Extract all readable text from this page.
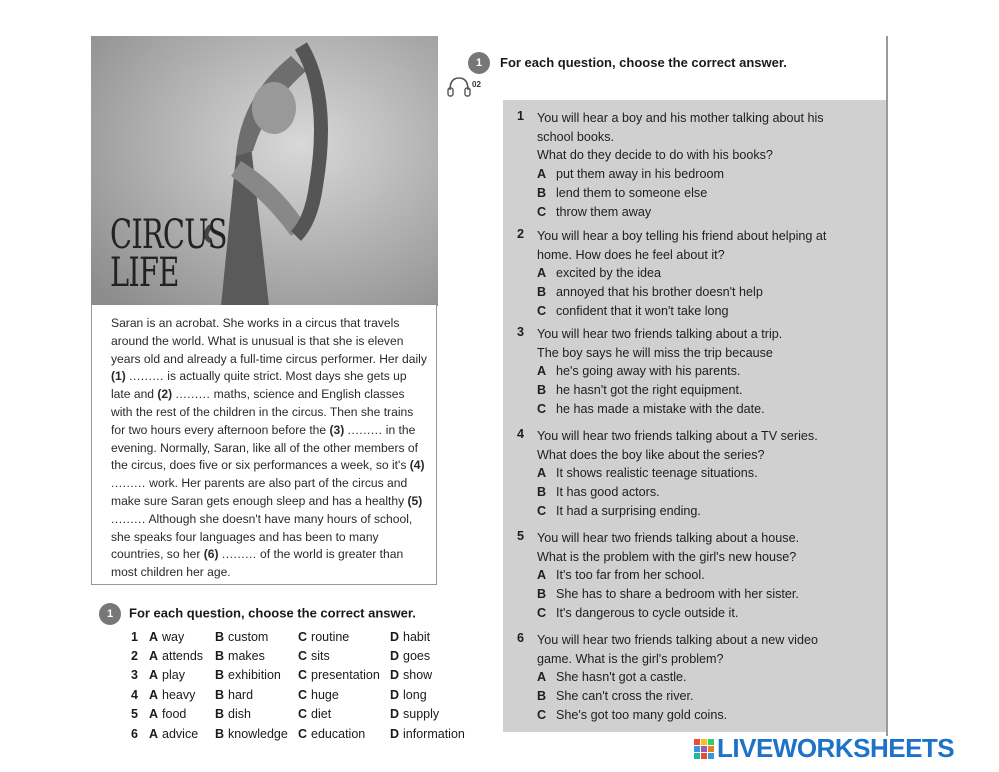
CIRCUS
LIFE

Saran is an acrobat. She works in a circus that travels around the world. What is unusual is that she is eleven years old and already a full-time circus performer. Her daily (1) ......... is actually quite strict. Most days she gets up late and (2) ......... maths, science and English classes with the rest of the children in the circus. Then she trains for two hours every afternoon before the (3) ......... in the evening. Normally, Saran, like all of the other members of the circus, does five or six performances a week, so it's (4) ......... work. Her parents are also part of the circus and make sure Saran gets enough sleep and has a healthy (5) ......... Although she doesn't have many hours of school, she speaks four languages and has been to many countries, so her (6) ......... of the world is greater than most children her age.

1 For each question, choose the correct answer.
1	A way	B custom	C routine	D habit
2	A attends	B makes	C sits	D goes
3	A play	B exhibition	C presentation	D show
4	A heavy	B hard	C huge	D long
5	A food	B dish	C diet	D supply
6	A advice	B knowledge	C education	D information
1	For each question, choose the correct answer.
02
1 You will hear a boy and his mother talking about his
school books.
What do they decide to do with his books?
A put them away in his bedroom
B lend them to someone else
C throw them away
2 You will hear a boy telling his friend about helping at
home. How does he feel about it?
A excited by the idea
B annoyed that his brother doesn't help
C confident that it won't take long
3 You will hear two friends talking about a trip.
The boy says he will miss the trip because
A he's going away with his parents.
B he hasn't got the right equipment.
C he has made a mistake with the date.
4 You will hear two friends talking about a TV series.
What does the boy like about the series?
A It shows realistic teenage situations.
B It has good actors.
C It had a surprising ending.
5 You will hear two friends talking about a house.
What is the problem with the girl's new house?
A It's too far from her school.
B She has to share a bedroom with her sister.
C It's dangerous to cycle outside it.
6 You will hear two friends talking about a new video
game. What is the girl's problem?
A She hasn't got a castle.
B She can't cross the river.
C She's got too many gold coins.
LIVEWORKSHEETS
